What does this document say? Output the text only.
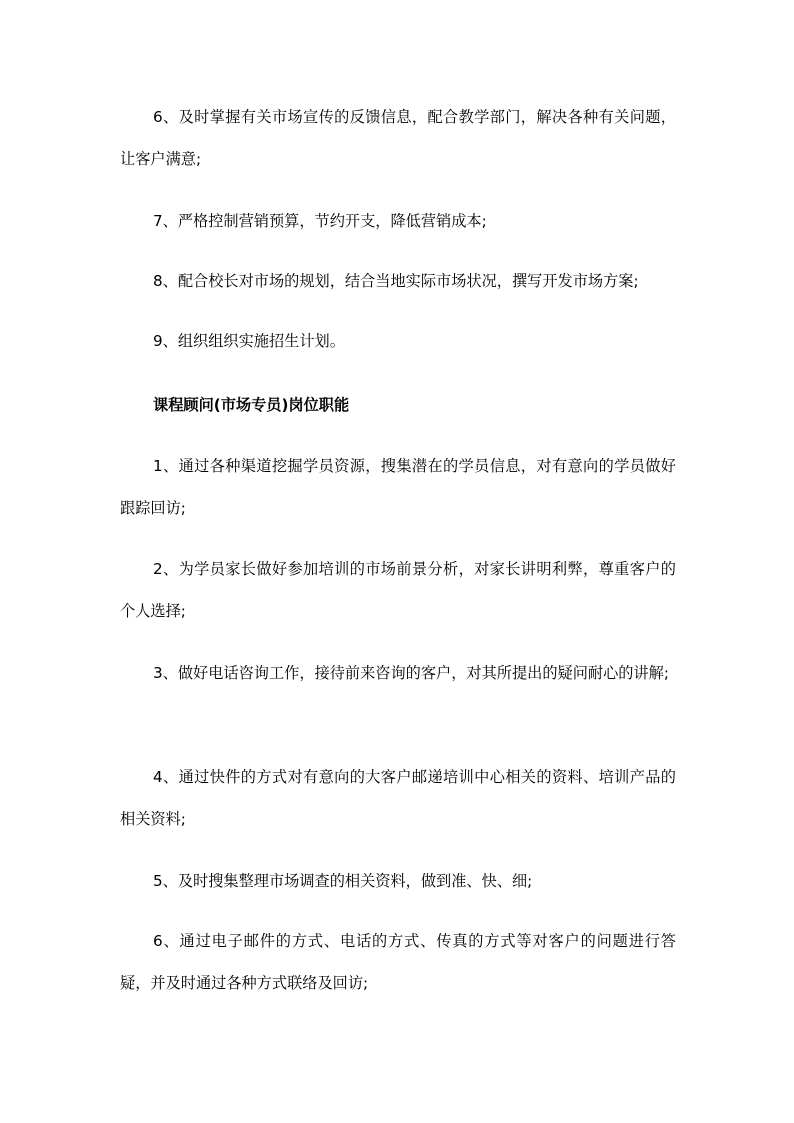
6、及时掌握有关市场宣传的反馈信息，配合教学部门，解决各种有关问题，让客户满意;

7、严格控制营销预算，节约开支，降低营销成本;

8、配合校长对市场的规划，结合当地实际市场状况，撰写开发市场方案;

9、组织组织实施招生计划。

课程顾问(市场专员)岗位职能

1、通过各种渠道挖掘学员资源，搜集潜在的学员信息，对有意向的学员做好跟踪回访;

2、为学员家长做好参加培训的市场前景分析，对家长讲明利弊，尊重客户的个人选择;

3、做好电话咨询工作，接待前来咨询的客户，对其所提出的疑问耐心的讲解;

4、通过快件的方式对有意向的大客户邮递培训中心相关的资料、培训产品的相关资料;

5、及时搜集整理市场调查的相关资料，做到准、快、细;

6、通过电子邮件的方式、电话的方式、传真的方式等对客户的问题进行答疑，并及时通过各种方式联络及回访;
